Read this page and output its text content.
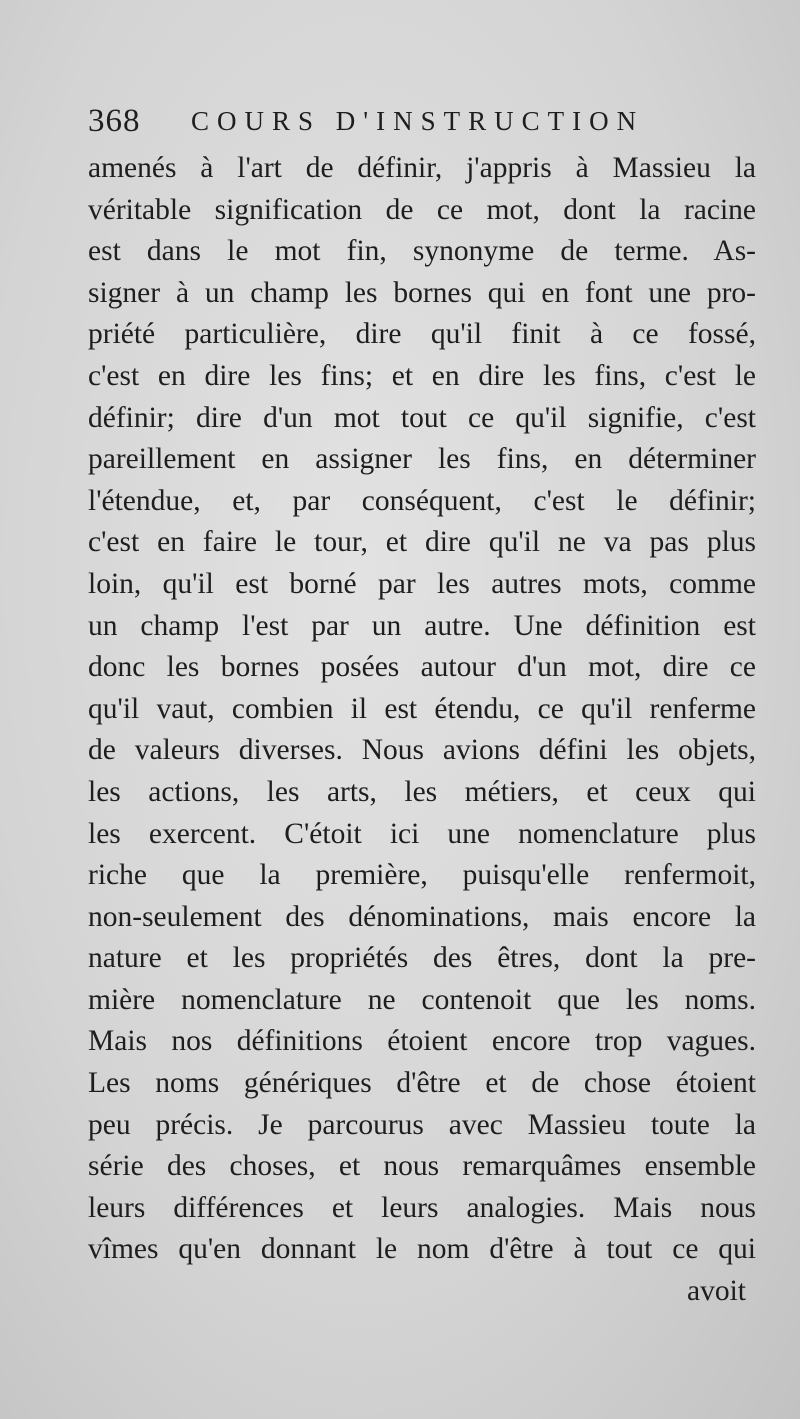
368 COURS D'INSTRUCTION
amenés à l'art de définir, j'appris à Massieu la
véritable signification de ce mot, dont la racine
est dans le mot fin, synonyme de terme. As-
signer à un champ les bornes qui en font une pro-
priété particulière, dire qu'il finit à ce fossé,
c'est en dire les fins; et en dire les fins, c'est le
définir; dire d'un mot tout ce qu'il signifie, c'est
pareillement en assigner les fins, en déterminer
l'étendue, et, par conséquent, c'est le définir;
c'est en faire le tour, et dire qu'il ne va pas plus
loin, qu'il est borné par les autres mots, comme
un champ l'est par un autre. Une définition est
donc les bornes posées autour d'un mot, dire ce
qu'il vaut, combien il est étendu, ce qu'il renferme
de valeurs diverses. Nous avions défini les objets,
les actions, les arts, les métiers, et ceux qui
les exercent. C'étoit ici une nomenclature plus
riche que la première, puisqu'elle renfermoit,
non-seulement des dénominations, mais encore la
nature et les propriétés des êtres, dont la pre-
mière nomenclature ne contenoit que les noms.
Mais nos définitions étoient encore trop vagues.
Les noms génériques d'être et de chose étoient
peu précis. Je parcourus avec Massieu toute la
série des choses, et nous remarquâmes ensemble
leurs différences et leurs analogies. Mais nous
vîmes qu'en donnant le nom d'être à tout ce qui
avoit
